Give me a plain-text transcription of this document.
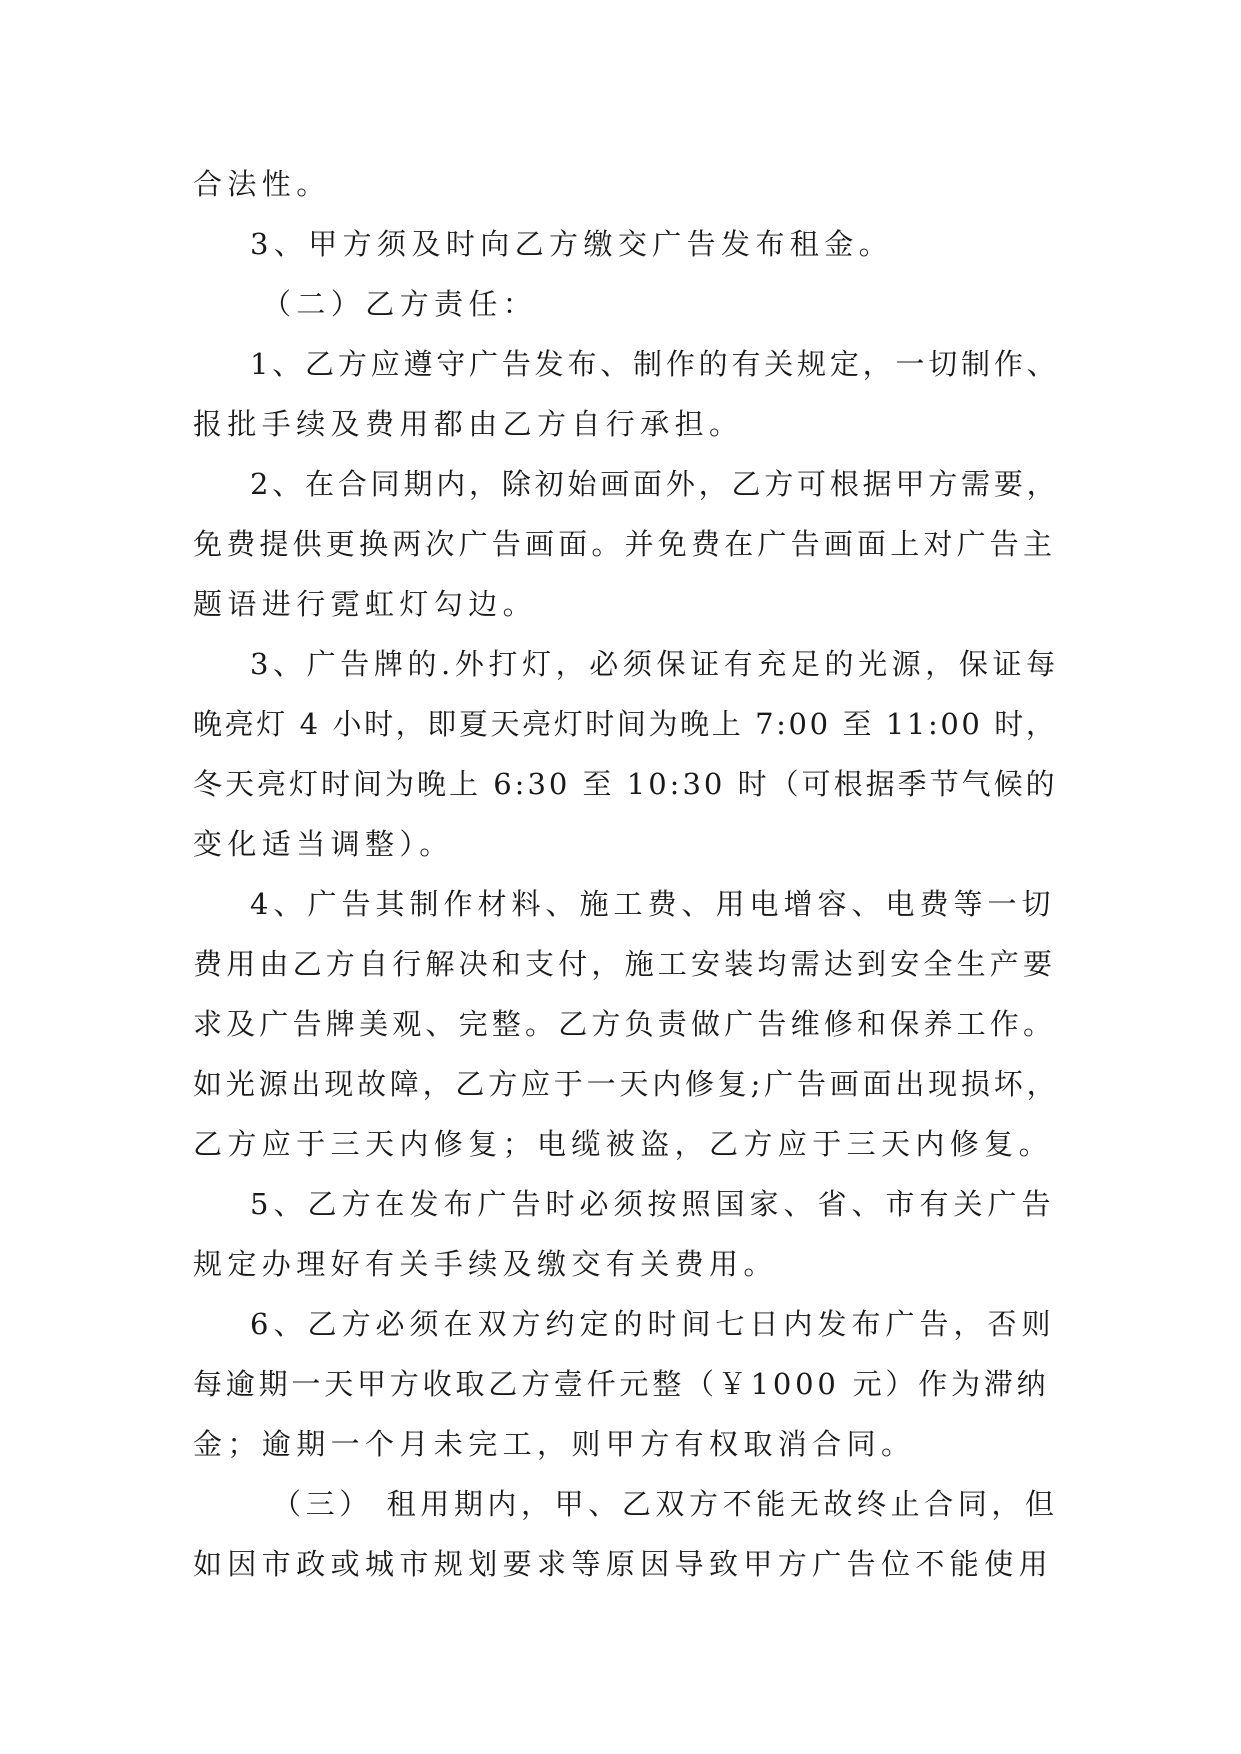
合法性。
3、甲方须及时向乙方缴交广告发布租金。
（二）乙方责任：
1、乙方应遵守广告发布、制作的有关规定，一切制作、
报批手续及费用都由乙方自行承担。
2、在合同期内，除初始画面外，乙方可根据甲方需要，
免费提供更换两次广告画面。并免费在广告画面上对广告主
题语进行霓虹灯勾边。
3、广告牌的.外打灯，必须保证有充足的光源，保证每
晚亮灯 4 小时，即夏天亮灯时间为晚上 7:00 至 11:00 时，
冬天亮灯时间为晚上 6:30 至 10:30 时（可根据季节气候的
变化适当调整）。
4、广告其制作材料、施工费、用电增容、电费等一切
费用由乙方自行解决和支付，施工安装均需达到安全生产要
求及广告牌美观、完整。乙方负责做广告维修和保养工作。
如光源出现故障，乙方应于一天内修复;广告画面出现损坏，
乙方应于三天内修复；电缆被盗，乙方应于三天内修复。
5、乙方在发布广告时必须按照国家、省、市有关广告
规定办理好有关手续及缴交有关费用。
6、乙方必须在双方约定的时间七日内发布广告，否则
每逾期一天甲方收取乙方壹仟元整（￥1000 元）作为滞纳
金；逾期一个月未完工，则甲方有权取消合同。
（三） 租用期内，甲、乙双方不能无故终止合同，但
如因市政或城市规划要求等原因导致甲方广告位不能使用
